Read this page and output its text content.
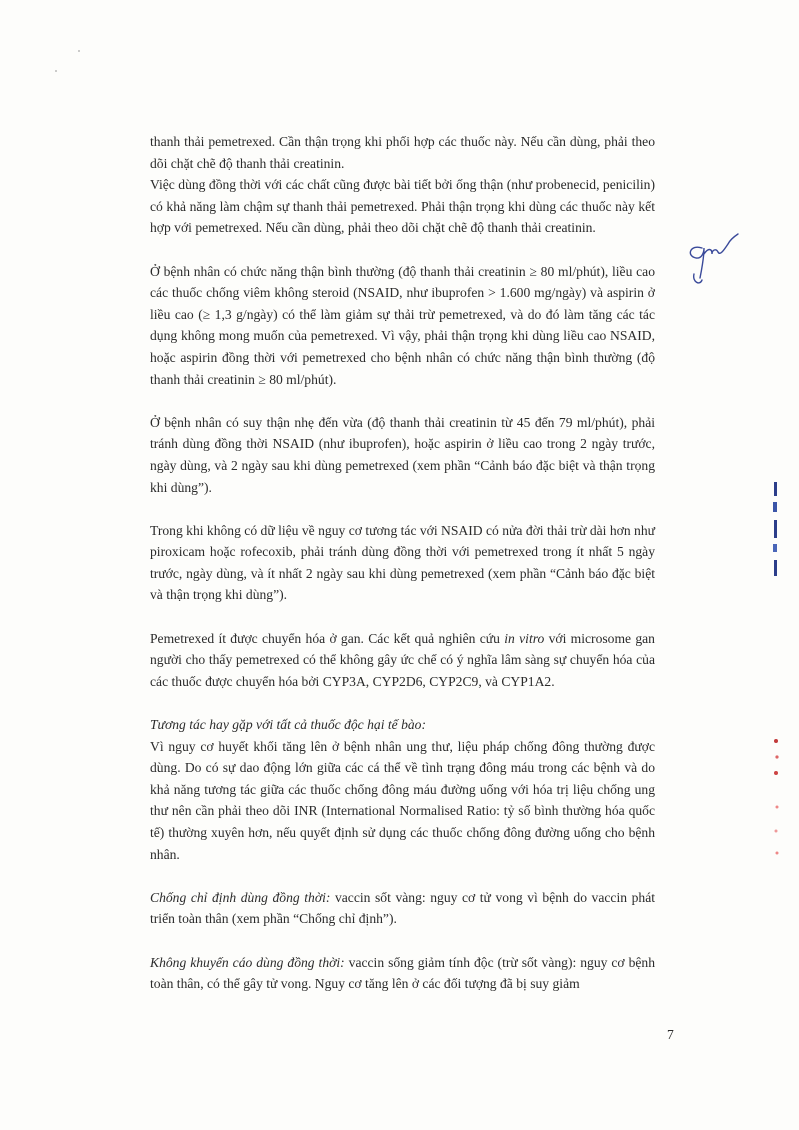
thanh thải pemetrexed. Cần thận trọng khi phối hợp các thuốc này. Nếu cần dùng, phải theo dõi chặt chẽ độ thanh thải creatinin.

Việc dùng đồng thời với các chất cũng được bài tiết bởi ống thận (như probenecid, penicilin) có khả năng làm chậm sự thanh thải pemetrexed. Phải thận trọng khi dùng các thuốc này kết hợp với pemetrexed. Nếu cần dùng, phải theo dõi chặt chẽ độ thanh thải creatinin.

Ở bệnh nhân có chức năng thận bình thường (độ thanh thải creatinin ≥ 80 ml/phút), liều cao các thuốc chống viêm không steroid (NSAID, như ibuprofen > 1.600 mg/ngày) và aspirin ở liều cao (≥ 1,3 g/ngày) có thể làm giảm sự thải trừ pemetrexed, và do đó làm tăng các tác dụng không mong muốn của pemetrexed. Vì vậy, phải thận trọng khi dùng liều cao NSAID, hoặc aspirin đồng thời với pemetrexed cho bệnh nhân có chức năng thận bình thường (độ thanh thải creatinin ≥ 80 ml/phút).

Ở bệnh nhân có suy thận nhẹ đến vừa (độ thanh thải creatinin từ 45 đến 79 ml/phút), phải tránh dùng đồng thời NSAID (như ibuprofen), hoặc aspirin ở liều cao trong 2 ngày trước, ngày dùng, và 2 ngày sau khi dùng pemetrexed (xem phần “Cảnh báo đặc biệt và thận trọng khi dùng”).

Trong khi không có dữ liệu về nguy cơ tương tác với NSAID có nửa đời thải trừ dài hơn như piroxicam hoặc rofecoxib, phải tránh dùng đồng thời với pemetrexed trong ít nhất 5 ngày trước, ngày dùng, và ít nhất 2 ngày sau khi dùng pemetrexed (xem phần “Cảnh báo đặc biệt và thận trọng khi dùng”).

Pemetrexed ít được chuyển hóa ở gan. Các kết quả nghiên cứu in vitro với microsome gan người cho thấy pemetrexed có thể không gây ức chế có ý nghĩa lâm sàng sự chuyển hóa của các thuốc được chuyển hóa bởi CYP3A, CYP2D6, CYP2C9, và CYP1A2.

Tương tác hay gặp với tất cả thuốc độc hại tế bào:

Vì nguy cơ huyết khối tăng lên ở bệnh nhân ung thư, liệu pháp chống đông thường được dùng. Do có sự dao động lớn giữa các cá thể về tình trạng đông máu trong các bệnh và do khả năng tương tác giữa các thuốc chống đông máu đường uống với hóa trị liệu chống ung thư nên cần phải theo dõi INR (International Normalised Ratio: tỷ số bình thường hóa quốc tế) thường xuyên hơn, nếu quyết định sử dụng các thuốc chống đông đường uống cho bệnh nhân.

Chống chỉ định dùng đồng thời: vaccin sốt vàng: nguy cơ tử vong vì bệnh do vaccin phát triển toàn thân (xem phần “Chống chỉ định”).

Không khuyến cáo dùng đồng thời: vaccin sống giảm tính độc (trừ sốt vàng): nguy cơ bệnh toàn thân, có thể gây tử vong. Nguy cơ tăng lên ở các đối tượng đã bị suy giảm

7
